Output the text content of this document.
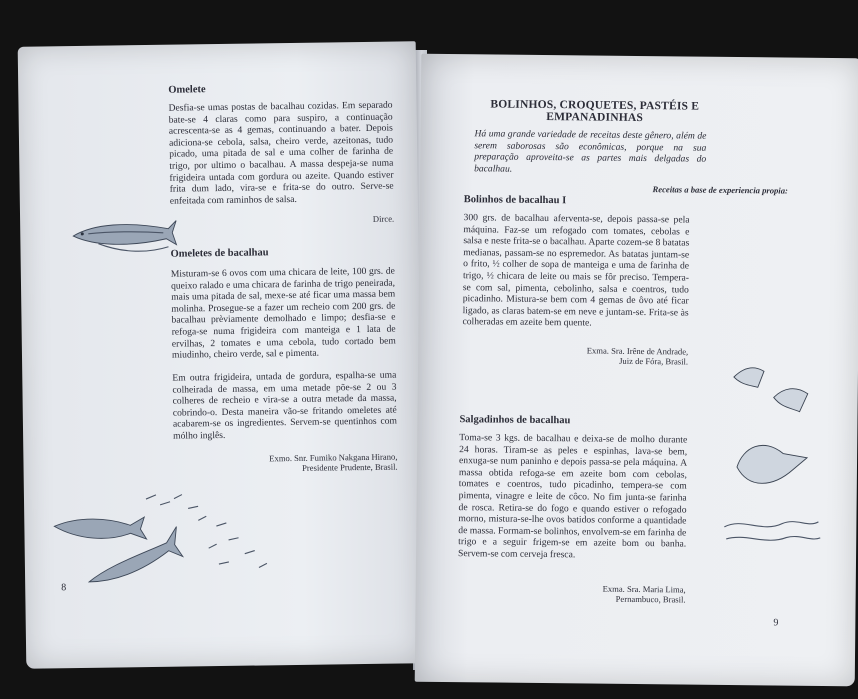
Omelete
Desfia-se umas postas de bacalhau cozidas. Em separado bate-se 4 claras como para suspiro, a continuação acrescenta-se as 4 gemas, continuando a bater. Depois adiciona-se cebola, salsa, cheiro verde, azeitonas, tudo picado, uma pitada de sal e uma colher de farinha de trigo, por ultimo o bacalhau. A massa despeja-se numa frigideira untada com gordura ou azeite. Quando estiver frita dum lado, vira-se e frita-se do outro. Serve-se enfeitada com raminhos de salsa.
Dirce.
Omeletes de bacalhau
Misturam-se 6 ovos com uma chicara de leite, 100 grs. de queixo ralado e uma chicara de farinha de trigo peneirada, mais uma pitada de sal, mexe-se até ficar uma massa bem molinha. Prosegue-se a fazer um recheio com 200 grs. de bacalhau prèviamente demolhado e limpo; desfia-se e refoga-se numa frigideira com manteiga e 1 lata de ervilhas, 2 tomates e uma cebola, tudo cortado bem miudinho, cheiro verde, sal e pimenta.
Em outra frigideira, untada de gordura, espalha-se uma colheirada de massa, em uma metade põe-se 2 ou 3 colheres de recheio e vira-se a outra metade da massa, cobrindo-o. Desta maneira vão-se fritando omeletes até acabarem-se os ingredientes. Servem-se quentinhos com mólho inglês.
Exmo. Snr. Fumiko Nakgana Hirano,
Presidente Prudente, Brasil.
8
BOLINHOS, CROQUETES, PASTÉIS E
EMPANADINHAS
Há uma grande variedade de receitas deste gênero, além de serem saborosas são econômicas, porque na sua preparação aproveita-se as partes mais delgadas do bacalhau.
Receitas a base de experiencia propia:
Bolinhos de bacalhau I
300 grs. de bacalhau aferventa-se, depois passa-se pela máquina. Faz-se um refogado com tomates, cebolas e salsa e neste frita-se o bacalhau. Aparte cozem-se 8 batatas medianas, passam-se no espremedor. As batatas juntam-se o frito, ½ colher de sopa de manteiga e uma de farinha de trigo, ½ chicara de leite ou mais se fôr preciso. Tempera-se com sal, pimenta, cebolinho, salsa e coentros, tudo picadinho. Mistura-se bem com 4 gemas de ôvo até ficar ligado, as claras batem-se em neve e juntam-se. Frita-se às colheradas em azeite bem quente.
Exma. Sra. Irêne de Andrade,
Juiz de Fóra, Brasil.
Salgadinhos de bacalhau
Toma-se 3 kgs. de bacalhau e deixa-se de molho durante 24 horas. Tiram-se as peles e espinhas, lava-se bem, enxuga-se num paninho e depois passa-se pela máquina. A massa obtida refoga-se em azeite bom com cebolas, tomates e coentros, tudo picadinho, tempera-se com pimenta, vinagre e leite de côco. No fim junta-se farinha de rosca. Retira-se do fogo e quando estiver o refogado morno, mistura-se-lhe ovos batidos conforme a quantidade de massa. Formam-se bolinhos, envolvem-se em farinha de trigo e a seguir frigem-se em azeite bom ou banha. Servem-se com cerveja fresca.
Exma. Sra. Maria Lima,
Pernambuco, Brasil.
9
